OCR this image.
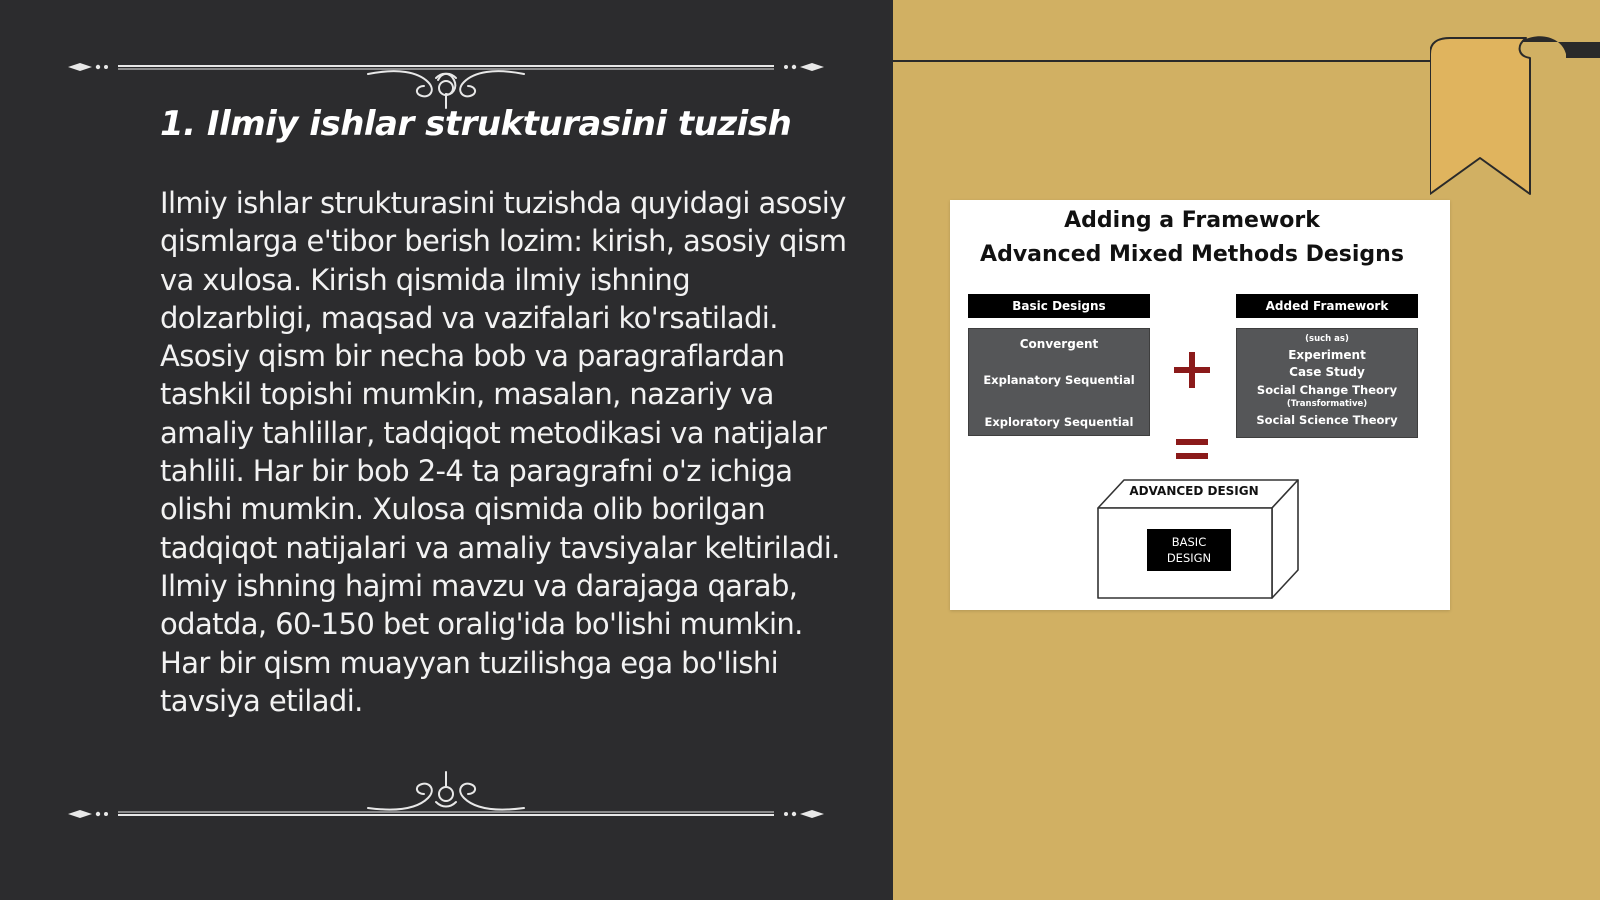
1. Ilmiy ishlar strukturasini tuzish

Ilmiy ishlar strukturasini tuzishda quyidagi asosiy qismlarga e'tibor berish lozim: kirish, asosiy qism va xulosa. Kirish qismida ilmiy ishning dolzarbligi, maqsad va vazifalari ko'rsatiladi. Asosiy qism bir necha bob va paragraflardan tashkil topishi mumkin, masalan, nazariy va amaliy tahlillar, tadqiqot metodikasi va natijalar tahlili. Har bir bob 2-4 ta paragrafni o'z ichiga olishi mumkin. Xulosa qismida olib borilgan tadqiqot natijalari va amaliy tavsiyalar keltiriladi. Ilmiy ishning hajmi mavzu va darajaga qarab, odatda, 60-150 bet oralig'ida bo'lishi mumkin. Har bir qism muayyan tuzilishga ega bo'lishi tavsiya etiladi.

Adding a Framework
Advanced Mixed Methods Designs
Basic Designs
Convergent
Explanatory Sequential
Exploratory Sequential
Added Framework
(such as)
Experiment
Case Study
Social Change Theory
(Transformative)
Social Science Theory
ADVANCED DESIGN
BASIC
DESIGN
